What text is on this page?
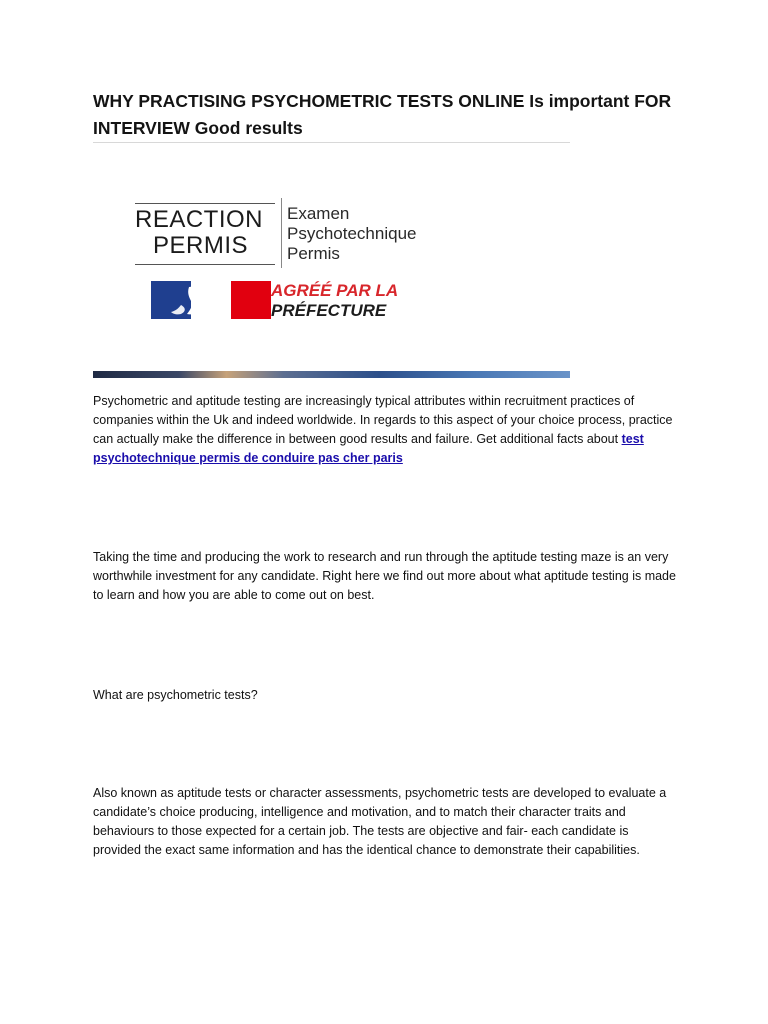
WHY PRACTISING PSYCHOMETRIC TESTS ONLINE Is important FOR INTERVIEW Good results
REACTION
PERMIS
Examen
Psychotechnique
Permis
AGRÉÉ PAR LA
PRÉFECTURE
Psychometric and aptitude testing are increasingly typical attributes within recruitment practices of companies within the Uk and indeed worldwide. In regards to this aspect of your choice process, practice can actually make the difference in between good results and failure. Get additional facts about test psychotechnique permis de conduire pas cher paris
Taking the time and producing the work to research and run through the aptitude testing maze is an very worthwhile investment for any candidate. Right here we find out more about what aptitude testing is made to learn and how you are able to come out on best.
What are psychometric tests?
Also known as aptitude tests or character assessments, psychometric tests are developed to evaluate a candidate’s choice producing, intelligence and motivation, and to match their character traits and behaviours to those expected for a certain job. The tests are objective and fair- each candidate is provided the exact same information and has the identical chance to demonstrate their capabilities.
